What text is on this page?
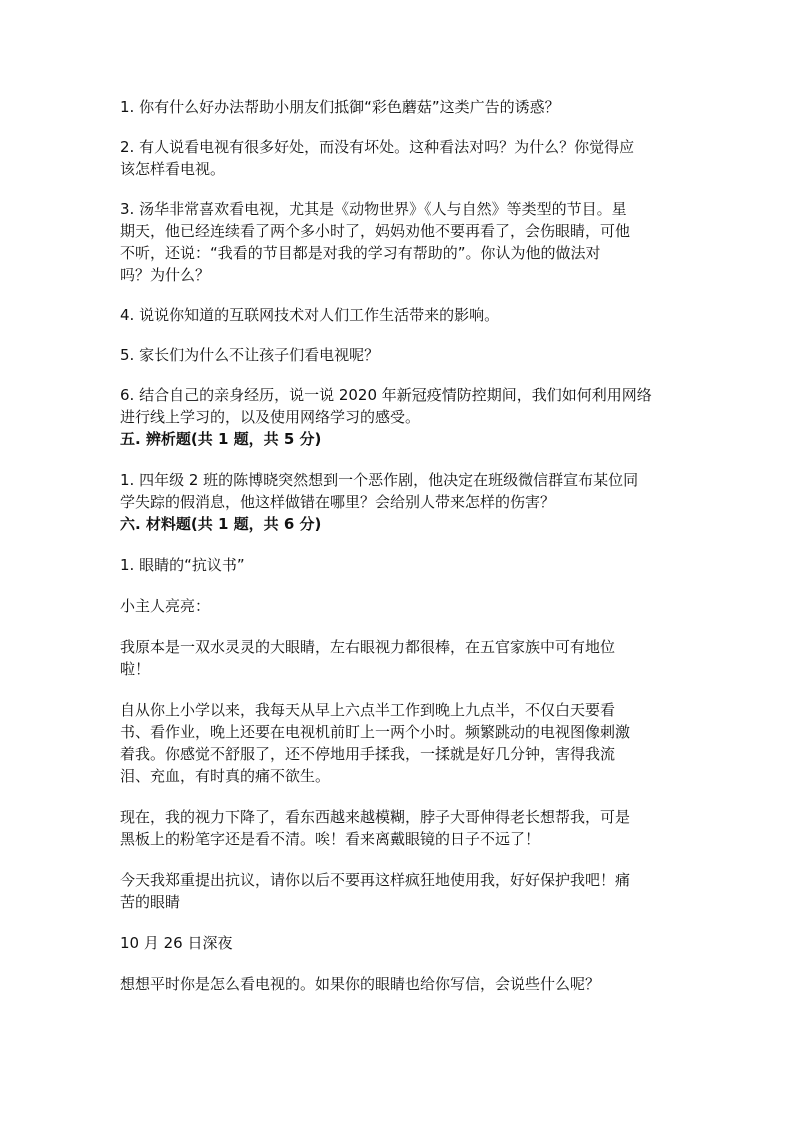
1. 你有什么好办法帮助小朋友们抵御“彩色蘑菇”这类广告的诱惑？

2. 有人说看电视有很多好处，而没有坏处。这种看法对吗？为什么？你觉得应

该怎样看电视。

3. 汤华非常喜欢看电视，尤其是《动物世界》《人与自然》等类型的节目。星

期天，他已经连续看了两个多小时了，妈妈劝他不要再看了，会伤眼睛，可他

不听，还说：“我看的节目都是对我的学习有帮助的”。你认为他的做法对

吗？为什么？

4. 说说你知道的互联网技术对人们工作生活带来的影响。

5. 家长们为什么不让孩子们看电视呢？

6. 结合自己的亲身经历，说一说 2020 年新冠疫情防控期间，我们如何利用网络

进行线上学习的，以及使用网络学习的感受。

五. 辨析题(共 1 题，共 5 分)

1. 四年级 2 班的陈博晓突然想到一个恶作剧，他决定在班级微信群宣布某位同

学失踪的假消息，他这样做错在哪里？会给别人带来怎样的伤害？

六. 材料题(共 1 题，共 6 分)

1. 眼睛的“抗议书”

小主人亮亮：

我原本是一双水灵灵的大眼睛，左右眼视力都很棒，在五官家族中可有地位

啦！

自从你上小学以来，我每天从早上六点半工作到晚上九点半，不仅白天要看

书、看作业，晚上还要在电视机前盯上一两个小时。频繁跳动的电视图像刺激

着我。你感觉不舒服了，还不停地用手揉我，一揉就是好几分钟，害得我流

泪、充血，有时真的痛不欲生。

现在，我的视力下降了，看东西越来越模糊，脖子大哥伸得老长想帮我，可是

黑板上的粉笔字还是看不清。唉！看来离戴眼镜的日子不远了！

今天我郑重提出抗议，请你以后不要再这样疯狂地使用我，好好保护我吧！痛

苦的眼睛

10 月 26 日深夜

想想平时你是怎么看电视的。如果你的眼睛也给你写信，会说些什么呢？
